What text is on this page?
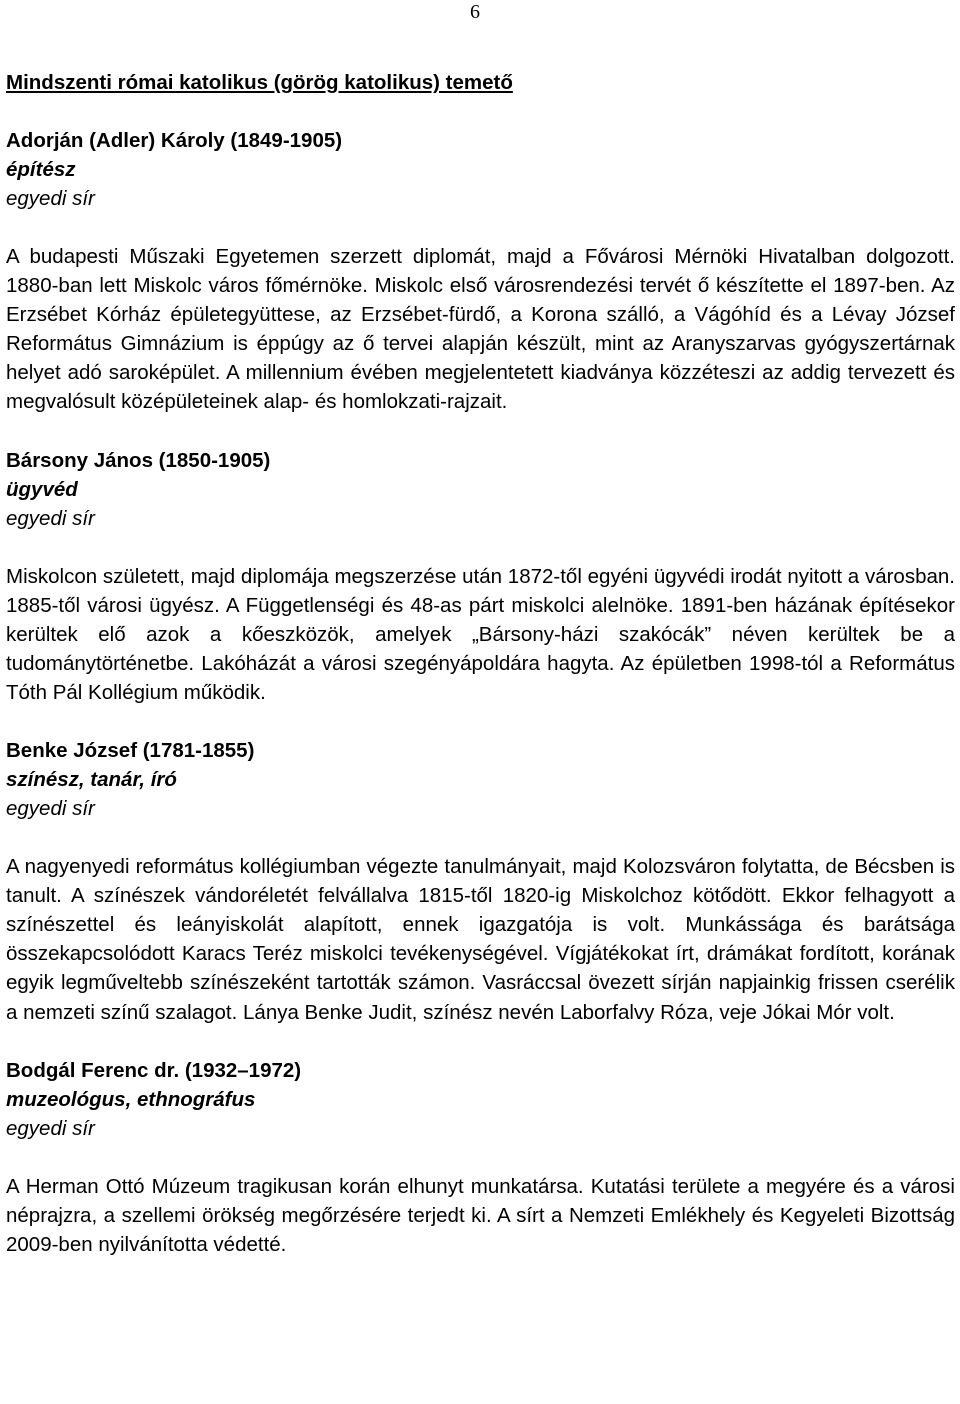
6
Mindszenti római katolikus (görög katolikus) temető
Adorján (Adler) Károly (1849-1905)
építész
egyedi sír
A budapesti Műszaki Egyetemen szerzett diplomát, majd a Fővárosi Mérnöki Hivatalban dolgozott. 1880-ban lett Miskolc város főmérnöke. Miskolc első városrendezési tervét ő készítette el 1897-ben. Az Erzsébet Kórház épületegyüttese, az Erzsébet-fürdő, a Korona szálló, a Vágóhíd és a Lévay József Református Gimnázium is éppúgy az ő tervei alapján készült, mint az Aranyszarvas gyógyszertárnak helyet adó saroképület. A millennium évében megjelentetett kiadványa közzéteszi az addig tervezett és megvalósult középületeinek alap- és homlokzati-rajzait.
Bársony János (1850-1905)
ügyvéd
egyedi sír
Miskolcon született, majd diplomája megszerzése után 1872-től egyéni ügyvédi irodát nyitott a városban. 1885-től városi ügyész. A Függetlenségi és 48-as párt miskolci alelnöke. 1891-ben házának építésekor kerültek elő azok a kőeszközök, amelyek „Bársony-házi szakócák” néven kerültek be a tudománytörténetbe. Lakóházát a városi szegényápoldára hagyta. Az épületben 1998-tól a Református Tóth Pál Kollégium működik.
Benke József (1781-1855)
színész, tanár, író
egyedi sír
A nagyenyedi református kollégiumban végezte tanulmányait, majd Kolozsváron folytatta, de Bécsben is tanult. A színészek vándoréletét felvállalva 1815-től 1820-ig Miskolchoz kötődött. Ekkor felhagyott a színészettel és leányiskolát alapított, ennek igazgatója is volt. Munkássága és barátsága összekapcsolódott Karacs Teréz miskolci tevékenységével. Vígjátékokat írt, drámákat fordított, korának egyik legműveltebb színészeként tartották számon. Vasráccsal övezett sírján napjainkig frissen cserélik a nemzeti színű szalagot. Lánya Benke Judit, színész nevén Laborfalvy Róza, veje Jókai Mór volt.
Bodgál Ferenc dr. (1932–1972)
muzeológus, ethnográfus
egyedi sír
A Herman Ottó Múzeum tragikusan korán elhunyt munkatársa. Kutatási területe a megyére és a városi néprajzra, a szellemi örökség megőrzésére terjedt ki. A sírt a Nemzeti Emlékhely és Kegyeleti Bizottság 2009-ben nyilvánította védetté.
